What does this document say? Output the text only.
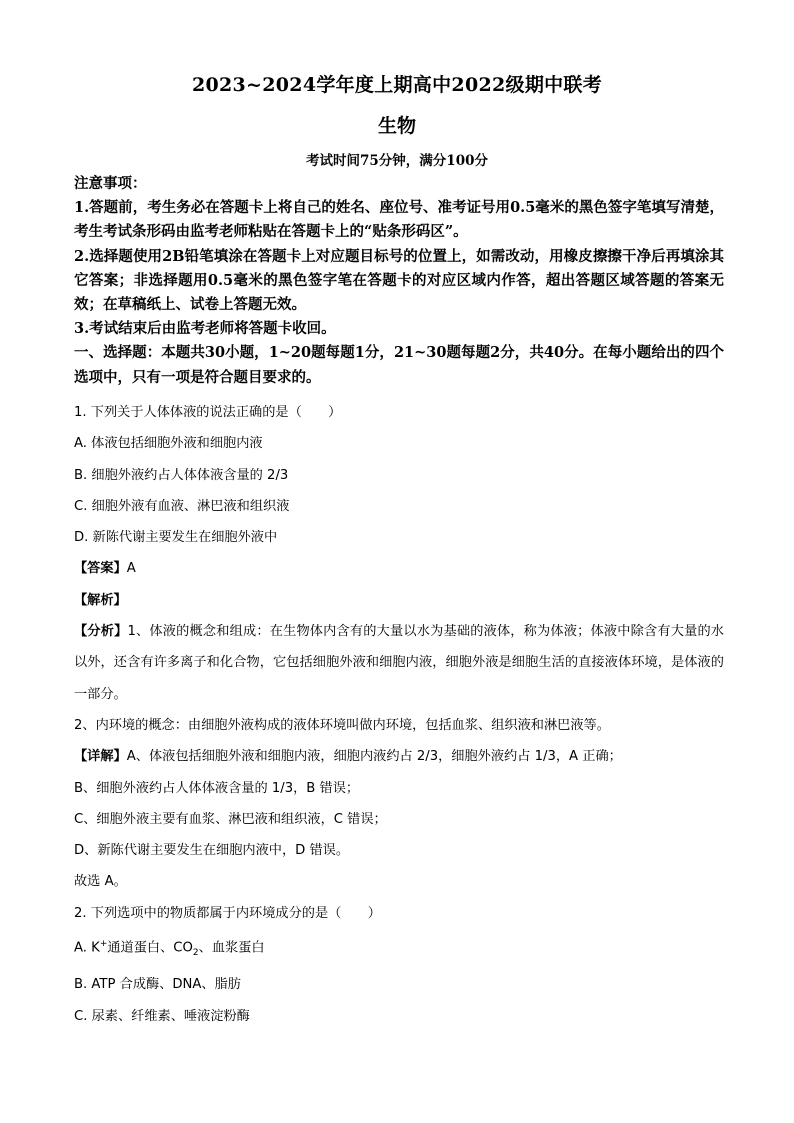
2023~2024学年度上期高中2022级期中联考
生物
考试时间75分钟，满分100分

注意事项：

1.答题前，考生务必在答题卡上将自己的姓名、座位号、准考证号用0.5毫米的黑色签字笔填写清楚，考生考试条形码由监考老师粘贴在答题卡上的“贴条形码区”。

2.选择题使用2B铅笔填涂在答题卡上对应题目标号的位置上，如需改动，用橡皮擦擦干净后再填涂其它答案；非选择题用0.5毫米的黑色签字笔在答题卡的对应区域内作答，超出答题区域答题的答案无效；在草稿纸上、试卷上答题无效。

3.考试结束后由监考老师将答题卡收回。

一、选择题：本题共30小题，1~20题每题1分，21~30题每题2分，共40分。在每小题给出的四个选项中，只有一项是符合题目要求的。

1. 下列关于人体体液的说法正确的是（　　）

A. 体液包括细胞外液和细胞内液

B. 细胞外液约占人体体液含量的 2/3

C. 细胞外液有血液、淋巴液和组织液

D. 新陈代谢主要发生在细胞外液中

【答案】A

【解析】

【分析】1、体液的概念和组成：在生物体内含有的大量以水为基础的液体，称为体液；体液中除含有大量的水以外，还含有许多离子和化合物，它包括细胞外液和细胞内液，细胞外液是细胞生活的直接液体环境，是体液的一部分。

2、内环境的概念：由细胞外液构成的液体环境叫做内环境，包括血浆、组织液和淋巴液等。

【详解】A、体液包括细胞外液和细胞内液，细胞内液约占 2/3，细胞外液约占 1/3，A 正确；

B、细胞外液约占人体体液含量的 1/3，B 错误；

C、细胞外液主要有血浆、淋巴液和组织液，C 错误；

D、新陈代谢主要发生在细胞内液中，D 错误。

故选 A。

2. 下列选项中的物质都属于内环境成分的是（　　）

A. K+通道蛋白、$CO_2$、血浆蛋白

B. ATP 合成酶、DNA、脂肪

C. 尿素、纤维素、唾液淀粉酶
